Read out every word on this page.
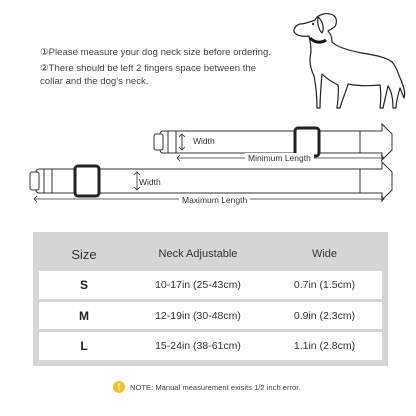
①Please measure your dog neck size before ordering.
②There should be left 2 fingers space between the
collar and the dog's neck.
Width
Minimum Length
Width
Maximum Length
Size	Neck Adjustable	Wide
S	10-17in (25-43cm)	0.7in (1.5cm)
M	12-19in (30-48cm)	0.9in (2.3cm)
L	15-24in (38-61cm)	1.1in (2.8cm)
!	NOTE: Manual measurement exisits 1/2 inch error.
